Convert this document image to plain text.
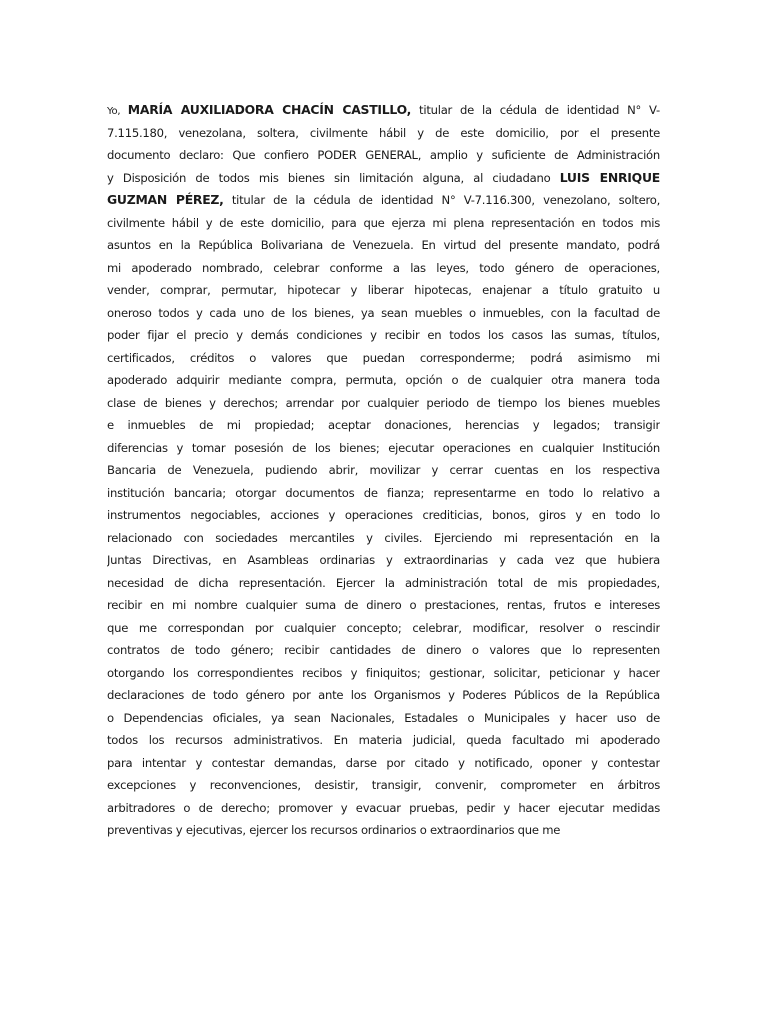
Yo, MARÍA AUXILIADORA CHACÍN CASTILLO, titular de la cédula de identidad N° V-
7.115.180, venezolana, soltera, civilmente hábil y de este domicilio, por el presente
documento declaro: Que confiero PODER GENERAL, amplio y suficiente de Administración
y Disposición de todos mis bienes sin limitación alguna, al ciudadano LUIS ENRIQUE
GUZMAN PÉREZ, titular de la cédula de identidad N° V-7.116.300, venezolano, soltero,
civilmente hábil y de este domicilio, para que ejerza mi plena representación en todos mis
asuntos en la República Bolivariana de Venezuela. En virtud del presente mandato, podrá
mi apoderado nombrado, celebrar conforme a las leyes, todo género de operaciones,
vender, comprar, permutar, hipotecar y liberar hipotecas, enajenar a título gratuito u
oneroso todos y cada uno de los bienes, ya sean muebles o inmuebles, con la facultad de
poder fijar el precio y demás condiciones y recibir en todos los casos las sumas, títulos,
certificados, créditos o valores que puedan corresponderme; podrá asimismo mi
apoderado adquirir mediante compra, permuta, opción o de cualquier otra manera toda
clase de bienes y derechos; arrendar por cualquier periodo de tiempo los bienes muebles
e inmuebles de mi propiedad; aceptar donaciones, herencias y legados; transigir
diferencias y tomar posesión de los bienes; ejecutar operaciones en cualquier Institución
Bancaria de Venezuela, pudiendo abrir, movilizar y cerrar cuentas en los respectiva
institución bancaria; otorgar documentos de fianza; representarme en todo lo relativo a
instrumentos negociables, acciones y operaciones crediticias, bonos, giros y en todo lo
relacionado con sociedades mercantiles y civiles. Ejerciendo mi representación en la
Juntas Directivas, en Asambleas ordinarias y extraordinarias y cada vez que hubiera
necesidad de dicha representación. Ejercer la administración total de mis propiedades,
recibir en mi nombre cualquier suma de dinero o prestaciones, rentas, frutos e intereses
que me correspondan por cualquier concepto; celebrar, modificar, resolver o rescindir
contratos de todo género; recibir cantidades de dinero o valores que lo representen
otorgando los correspondientes recibos y finiquitos; gestionar, solicitar, peticionar y hacer
declaraciones de todo género por ante los Organismos y Poderes Públicos de la República
o Dependencias oficiales, ya sean Nacionales, Estadales o Municipales y hacer uso de
todos los recursos administrativos. En materia judicial, queda facultado mi apoderado
para intentar y contestar demandas, darse por citado y notificado, oponer y contestar
excepciones y reconvenciones, desistir, transigir, convenir, comprometer en árbitros
arbitradores o de derecho; promover y evacuar pruebas, pedir y hacer ejecutar medidas
preventivas y ejecutivas, ejercer los recursos ordinarios o extraordinarios que me
